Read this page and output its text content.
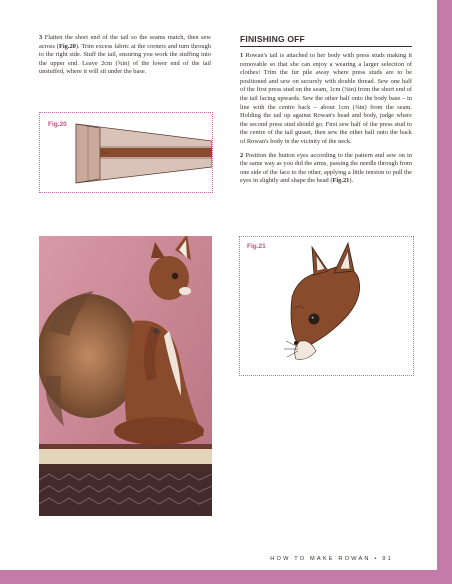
3 Flatten the short end of the tail so the seams match, then sew across (Fig.20). Trim excess fabric at the corners and turn through to the right side. Stuff the tail, ensuring you work the stuffing into the upper end. Leave 2cm (¾in) of the lower end of the tail unstuffed, where it will sit under the base.

Fig.20
FINISHING OFF

1 Rowan's tail is attached to her body with press studs making it removable so that she can enjoy a wearing a larger selection of clothes! Trim the fur pile away where press studs are to be positioned and sew on securely with double thread. Sew one half of the first press stud on the seam, 1cm (⅜in) from the short end of the tail facing upwards. Sew the other half onto the body base – in line with the centre back – about 1cm (⅜in) from the seam. Holding the tail up against Rowan's head and body, judge where the second press stud should go. First sew half of the press stud to the centre of the tail gusset, then sew the other half onto the back of Rowan's body in the vicinity of the neck.

2 Position the button eyes according to the pattern and sew on in the same way as you did the arms, passing the needle through from one side of the face to the other, applying a little tension to pull the eyes in slightly and shape the head (Fig.21).

Fig.21
HOW TO MAKE ROWAN • 91
